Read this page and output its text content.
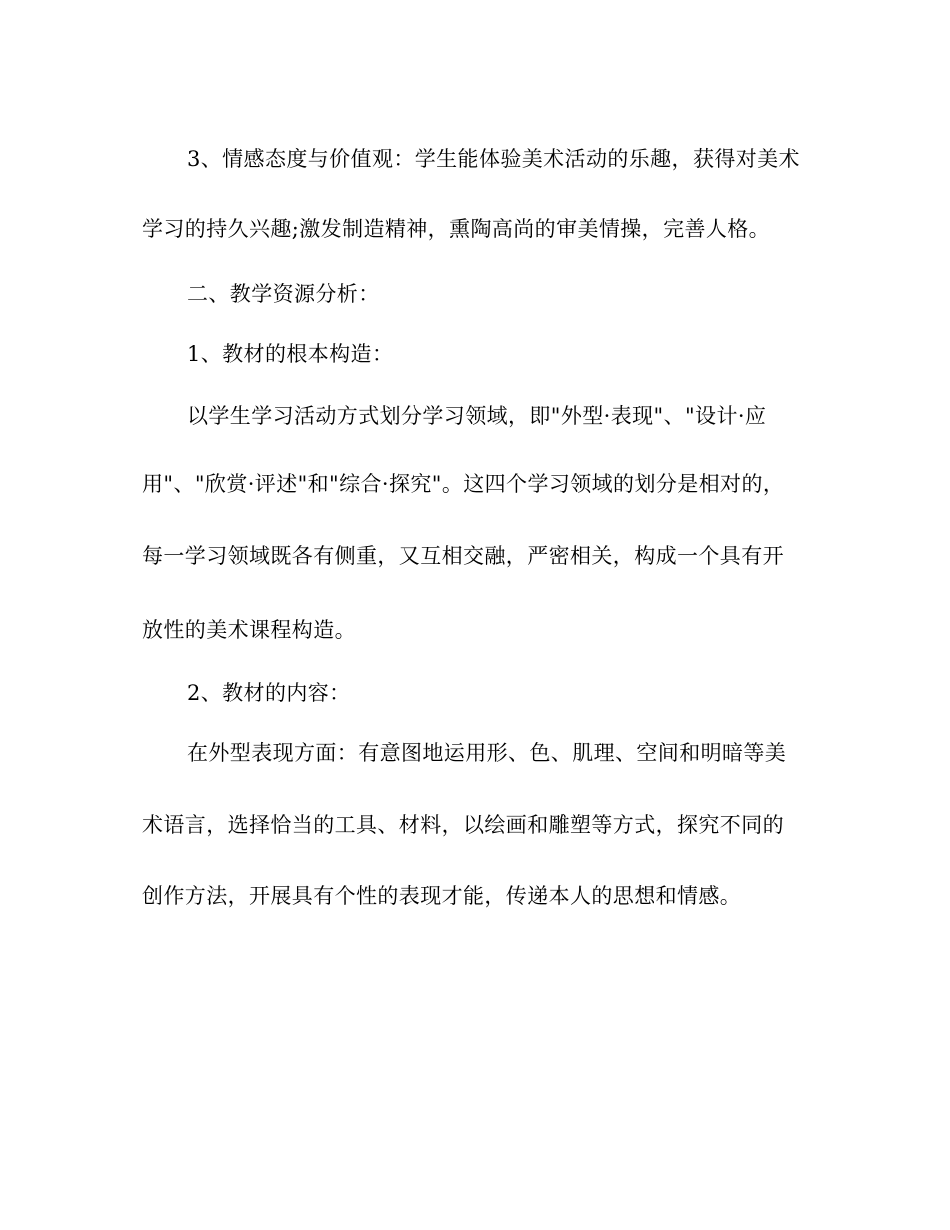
3、情感态度与价值观：学生能体验美术活动的乐趣，获得对美术
学习的持久兴趣;激发制造精神，熏陶高尚的审美情操，完善人格。
二、教学资源分析：
1、教材的根本构造：
以学生学习活动方式划分学习领域，即"外型·表现"、"设计·应
用"、"欣赏·评述"和"综合·探究"。这四个学习领域的划分是相对的，
每一学习领域既各有侧重，又互相交融，严密相关，构成一个具有开
放性的美术课程构造。
2、教材的内容：
在外型表现方面：有意图地运用形、色、肌理、空间和明暗等美
术语言，选择恰当的工具、材料，以绘画和雕塑等方式，探究不同的
创作方法，开展具有个性的表现才能，传递本人的思想和情感。
